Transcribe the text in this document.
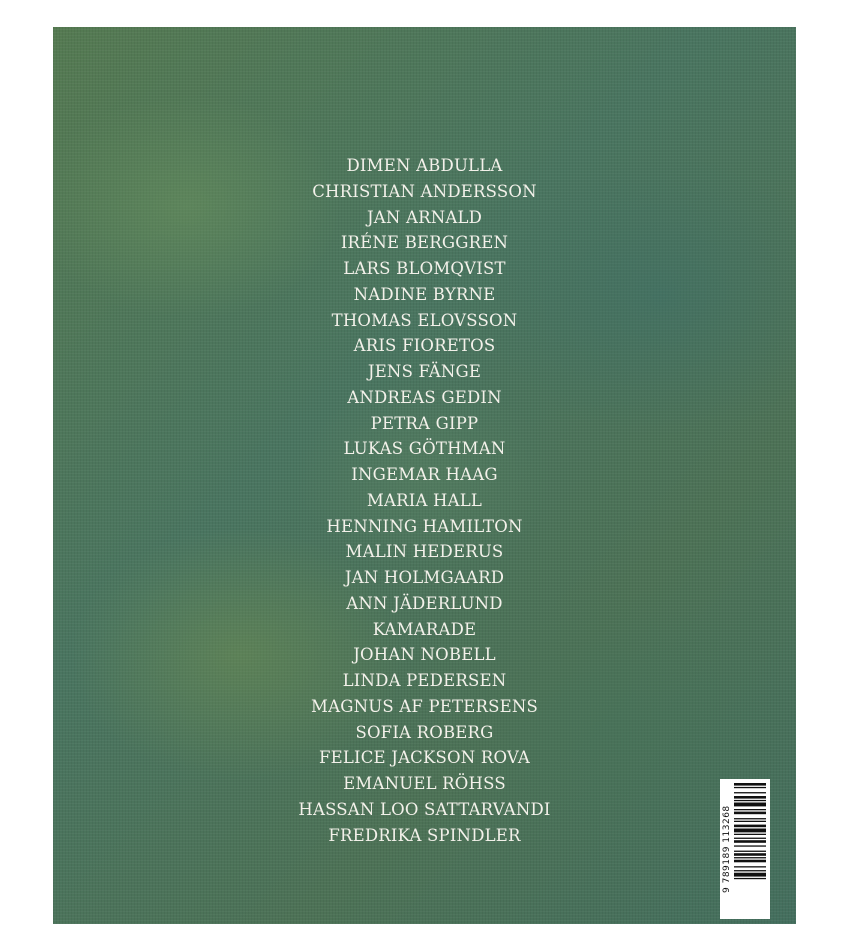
DIMEN ABDULLA
CHRISTIAN ANDERSSON
JAN ARNALD
IRÉNE BERGGREN
LARS BLOMQVIST
NADINE BYRNE
THOMAS ELOVSSON
ARIS FIORETOS
JENS FÄNGE
ANDREAS GEDIN
PETRA GIPP
LUKAS GÖTHMAN
INGEMAR HAAG
MARIA HALL
HENNING HAMILTON
MALIN HEDERUS
JAN HOLMGAARD
ANN JÄDERLUND
KAMARADE
JOHAN NOBELL
LINDA PEDERSEN
MAGNUS AF PETERSENS
SOFIA ROBERG
FELICE JACKSON ROVA
EMANUEL RÖHSS
HASSAN LOO SATTARVANDI
FREDRIKA SPINDLER	9 789189 113268
